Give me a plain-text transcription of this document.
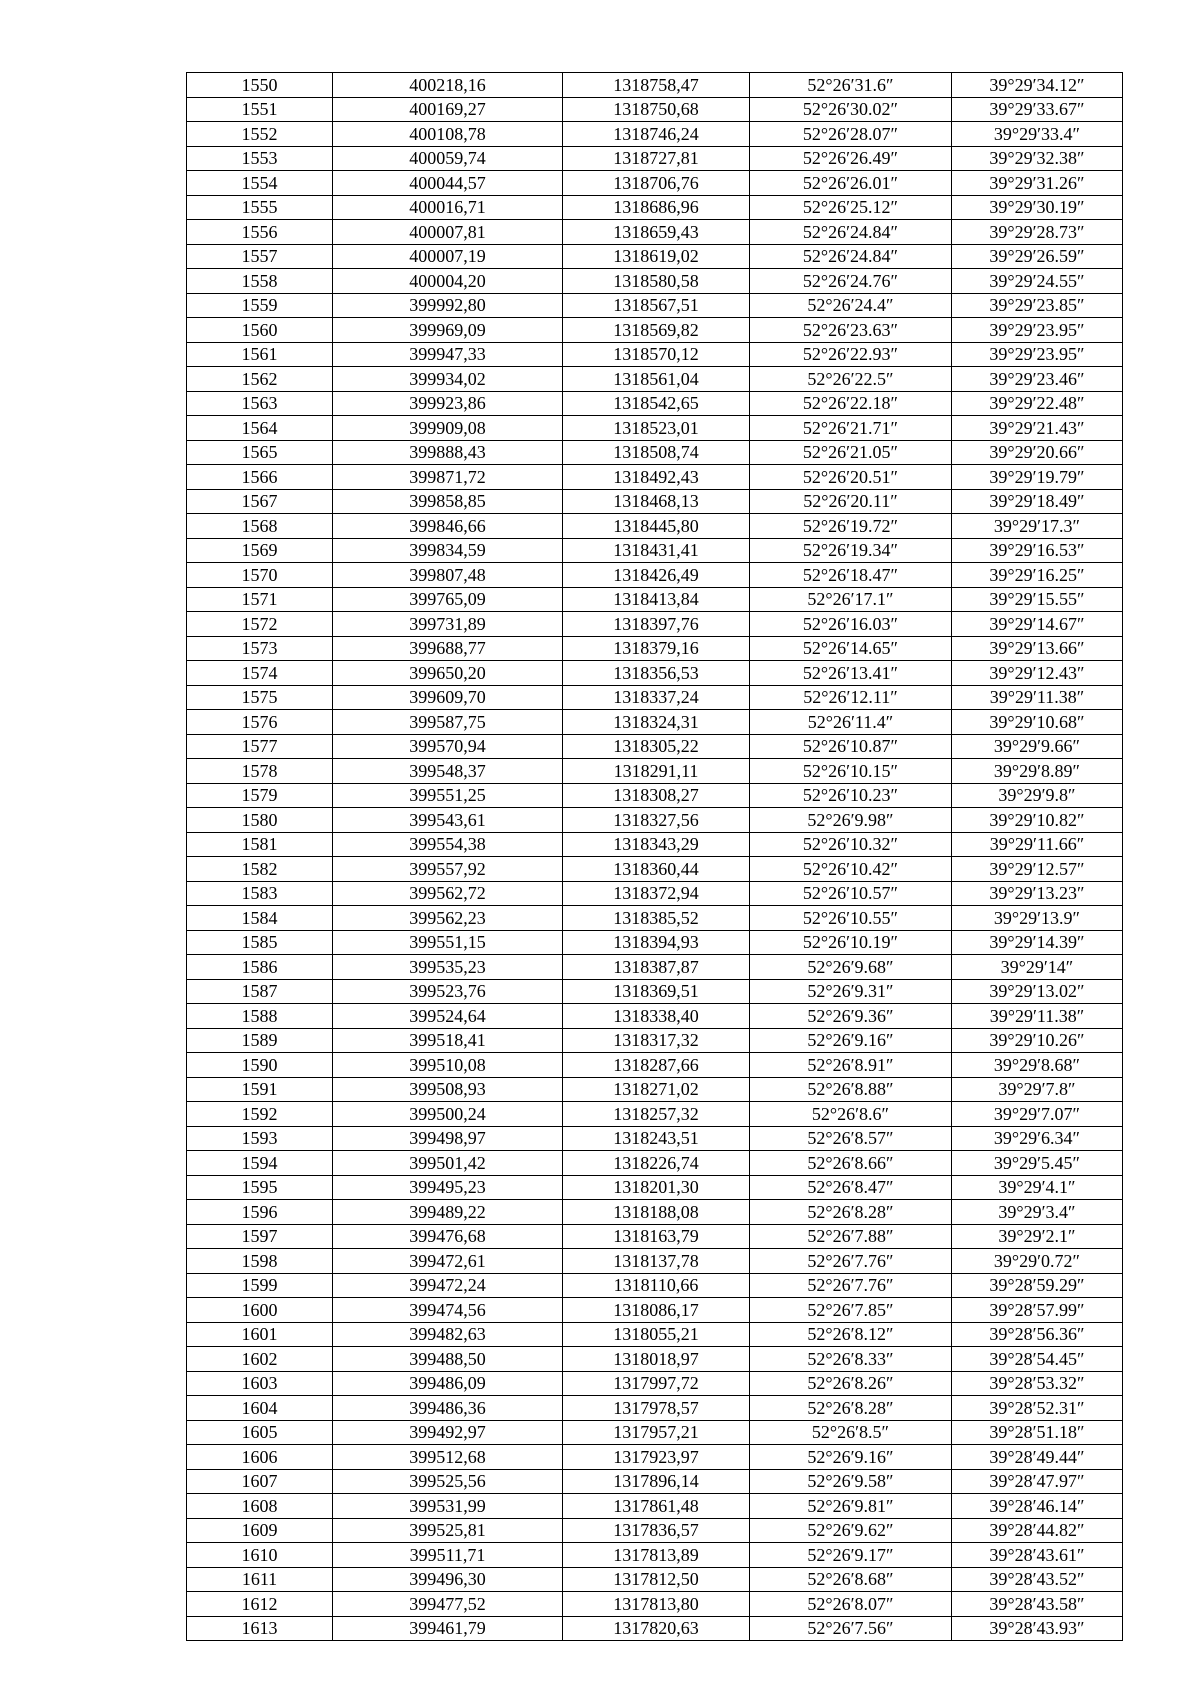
1550	400218,16	1318758,47	52°26′31.6″	39°29′34.12″
1551	400169,27	1318750,68	52°26′30.02″	39°29′33.67″
1552	400108,78	1318746,24	52°26′28.07″	39°29′33.4″
1553	400059,74	1318727,81	52°26′26.49″	39°29′32.38″
1554	400044,57	1318706,76	52°26′26.01″	39°29′31.26″
1555	400016,71	1318686,96	52°26′25.12″	39°29′30.19″
1556	400007,81	1318659,43	52°26′24.84″	39°29′28.73″
1557	400007,19	1318619,02	52°26′24.84″	39°29′26.59″
1558	400004,20	1318580,58	52°26′24.76″	39°29′24.55″
1559	399992,80	1318567,51	52°26′24.4″	39°29′23.85″
1560	399969,09	1318569,82	52°26′23.63″	39°29′23.95″
1561	399947,33	1318570,12	52°26′22.93″	39°29′23.95″
1562	399934,02	1318561,04	52°26′22.5″	39°29′23.46″
1563	399923,86	1318542,65	52°26′22.18″	39°29′22.48″
1564	399909,08	1318523,01	52°26′21.71″	39°29′21.43″
1565	399888,43	1318508,74	52°26′21.05″	39°29′20.66″
1566	399871,72	1318492,43	52°26′20.51″	39°29′19.79″
1567	399858,85	1318468,13	52°26′20.11″	39°29′18.49″
1568	399846,66	1318445,80	52°26′19.72″	39°29′17.3″
1569	399834,59	1318431,41	52°26′19.34″	39°29′16.53″
1570	399807,48	1318426,49	52°26′18.47″	39°29′16.25″
1571	399765,09	1318413,84	52°26′17.1″	39°29′15.55″
1572	399731,89	1318397,76	52°26′16.03″	39°29′14.67″
1573	399688,77	1318379,16	52°26′14.65″	39°29′13.66″
1574	399650,20	1318356,53	52°26′13.41″	39°29′12.43″
1575	399609,70	1318337,24	52°26′12.11″	39°29′11.38″
1576	399587,75	1318324,31	52°26′11.4″	39°29′10.68″
1577	399570,94	1318305,22	52°26′10.87″	39°29′9.66″
1578	399548,37	1318291,11	52°26′10.15″	39°29′8.89″
1579	399551,25	1318308,27	52°26′10.23″	39°29′9.8″
1580	399543,61	1318327,56	52°26′9.98″	39°29′10.82″
1581	399554,38	1318343,29	52°26′10.32″	39°29′11.66″
1582	399557,92	1318360,44	52°26′10.42″	39°29′12.57″
1583	399562,72	1318372,94	52°26′10.57″	39°29′13.23″
1584	399562,23	1318385,52	52°26′10.55″	39°29′13.9″
1585	399551,15	1318394,93	52°26′10.19″	39°29′14.39″
1586	399535,23	1318387,87	52°26′9.68″	39°29′14″
1587	399523,76	1318369,51	52°26′9.31″	39°29′13.02″
1588	399524,64	1318338,40	52°26′9.36″	39°29′11.38″
1589	399518,41	1318317,32	52°26′9.16″	39°29′10.26″
1590	399510,08	1318287,66	52°26′8.91″	39°29′8.68″
1591	399508,93	1318271,02	52°26′8.88″	39°29′7.8″
1592	399500,24	1318257,32	52°26′8.6″	39°29′7.07″
1593	399498,97	1318243,51	52°26′8.57″	39°29′6.34″
1594	399501,42	1318226,74	52°26′8.66″	39°29′5.45″
1595	399495,23	1318201,30	52°26′8.47″	39°29′4.1″
1596	399489,22	1318188,08	52°26′8.28″	39°29′3.4″
1597	399476,68	1318163,79	52°26′7.88″	39°29′2.1″
1598	399472,61	1318137,78	52°26′7.76″	39°29′0.72″
1599	399472,24	1318110,66	52°26′7.76″	39°28′59.29″
1600	399474,56	1318086,17	52°26′7.85″	39°28′57.99″
1601	399482,63	1318055,21	52°26′8.12″	39°28′56.36″
1602	399488,50	1318018,97	52°26′8.33″	39°28′54.45″
1603	399486,09	1317997,72	52°26′8.26″	39°28′53.32″
1604	399486,36	1317978,57	52°26′8.28″	39°28′52.31″
1605	399492,97	1317957,21	52°26′8.5″	39°28′51.18″
1606	399512,68	1317923,97	52°26′9.16″	39°28′49.44″
1607	399525,56	1317896,14	52°26′9.58″	39°28′47.97″
1608	399531,99	1317861,48	52°26′9.81″	39°28′46.14″
1609	399525,81	1317836,57	52°26′9.62″	39°28′44.82″
1610	399511,71	1317813,89	52°26′9.17″	39°28′43.61″
1611	399496,30	1317812,50	52°26′8.68″	39°28′43.52″
1612	399477,52	1317813,80	52°26′8.07″	39°28′43.58″
1613	399461,79	1317820,63	52°26′7.56″	39°28′43.93″
